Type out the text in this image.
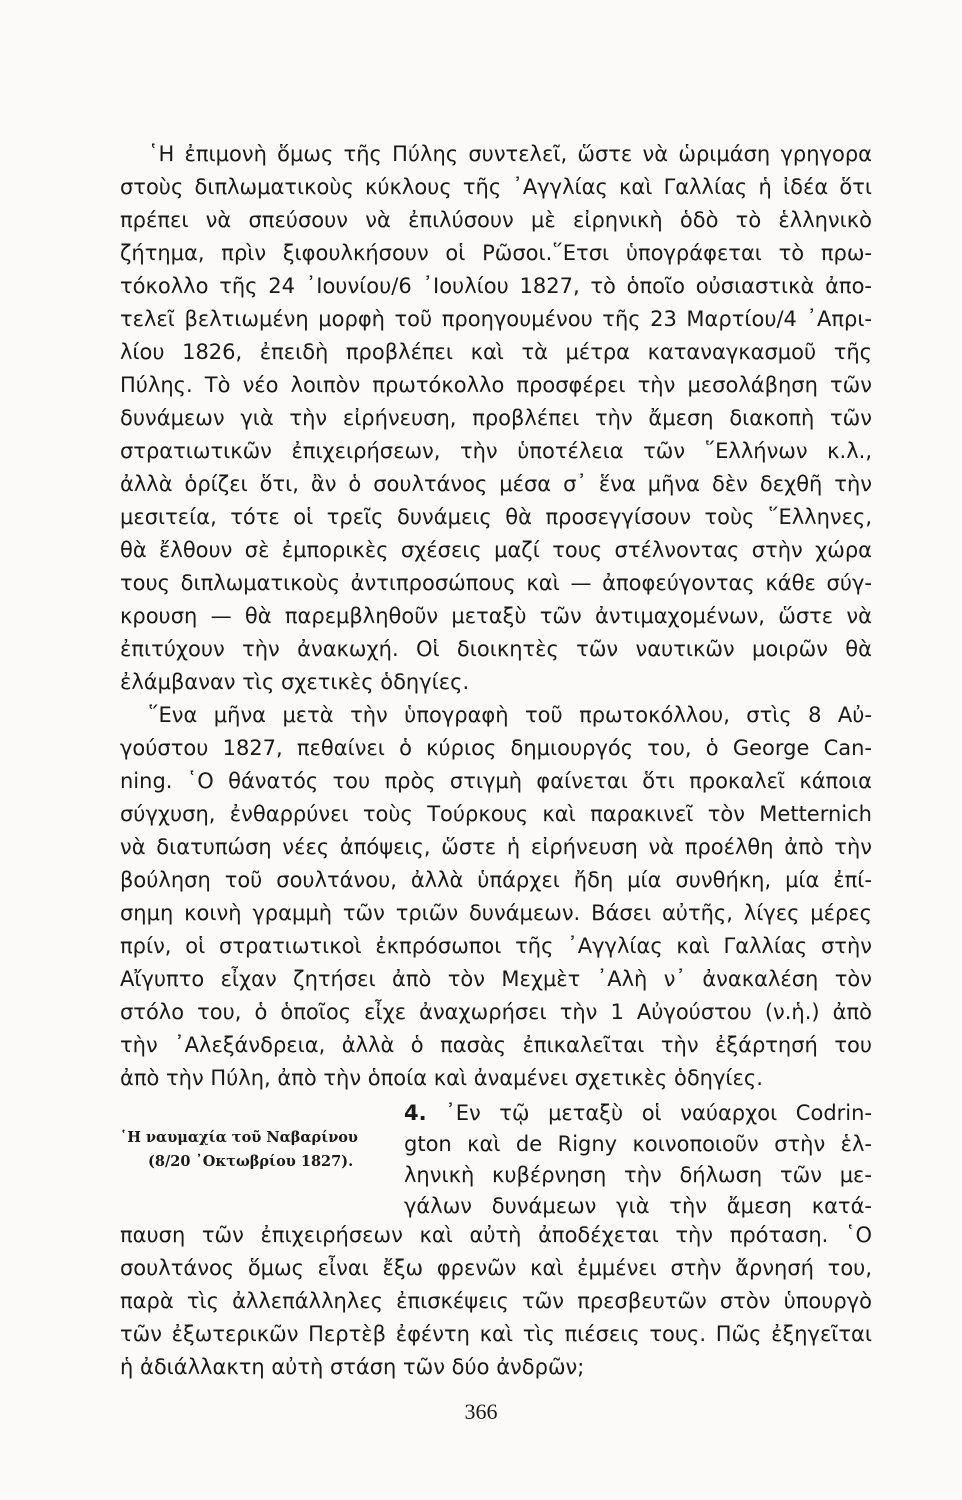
῾Η ἐπιμονὴ ὅμως τῆς Πύλης συντελεῖ, ὥστε νὰ ὡριμάση γρηγορα
στοὺς διπλωματικοὺς κύκλους τῆς ᾿Αγγλίας καὶ Γαλλίας ἡ ἰδέα ὅτι
πρέπει νὰ σπεύσουν νὰ ἐπιλύσουν μὲ εἰρηνικὴ ὁδὸ τὸ ἑλληνικὸ
ζήτημα, πρὶν ξιφουλκήσουν οἱ Ρῶσοι.῞Ετσι ὑπογράφεται τὸ πρω-
τόκολλο τῆς 24 ᾿Ιουνίου/6 ᾿Ιουλίου 1827, τὸ ὁποῖο οὐσιαστικὰ ἀπο-
τελεῖ βελτιωμένη μορφὴ τοῦ προηγουμένου τῆς 23 Μαρτίου/4 ᾿Απρι-
λίου 1826, ἐπειδὴ προβλέπει καὶ τὰ μέτρα καταναγκασμοῦ τῆς
Πύλης. Τὸ νέο λοιπὸν πρωτόκολλο προσφέρει τὴν μεσολάβηση τῶν
δυνάμεων γιὰ τὴν εἰρήνευση, προβλέπει τὴν ἄμεση διακοπὴ τῶν
στρατιωτικῶν ἐπιχειρήσεων, τὴν ὑποτέλεια τῶν ῞Ελλήνων κ.λ.,
ἀλλὰ ὁρίζει ὅτι, ἂν ὁ σουλτάνος μέσα σ᾿ ἕνα μῆνα δὲν δεχθῆ τὴν
μεσιτεία, τότε οἱ τρεῖς δυνάμεις θὰ προσεγγίσουν τοὺς ῞Ελληνες,
θὰ ἔλθουν σὲ ἐμπορικὲς σχέσεις μαζί τους στέλνοντας στὴν χώρα
τους διπλωματικοὺς ἀντιπροσώπους καὶ — ἀποφεύγοντας κάθε σύγ-
κρουση — θὰ παρεμβληθοῦν μεταξὺ τῶν ἀντιμαχομένων, ὥστε νὰ
ἐπιτύχουν τὴν ἀνακωχή. Οἱ διοικητὲς τῶν ναυτικῶν μοιρῶν θὰ
ἐλάμβαναν τὶς σχετικὲς ὁδηγίες.
῞Ενα μῆνα μετὰ τὴν ὑπογραφὴ τοῦ πρωτοκόλλου, στὶς 8 Αὐ-
γούστου 1827, πεθαίνει ὁ κύριος δημιουργός του, ὁ George Can-
ning. ῾Ο θάνατός του πρὸς στιγμὴ φαίνεται ὅτι προκαλεῖ κάποια
σύγχυση, ἐνθαρρύνει τοὺς Τούρκους καὶ παρακινεῖ τὸν Metternich
νὰ διατυπώση νέες ἀπόψεις, ὥστε ἡ εἰρήνευση νὰ προέλθη ἀπὸ τὴν
βούληση τοῦ σουλτάνου, ἀλλὰ ὑπάρχει ἤδη μία συνθήκη, μία ἐπί-
σημη κοινὴ γραμμὴ τῶν τριῶν δυνάμεων. Βάσει αὐτῆς, λίγες μέρες
πρίν, οἱ στρατιωτικοὶ ἐκπρόσωποι τῆς ᾿Αγγλίας καὶ Γαλλίας στὴν
Αἴγυπτο εἶχαν ζητήσει ἀπὸ τὸν Μεχμὲτ ᾿Αλὴ ν᾿ ἀνακαλέση τὸν
στόλο του, ὁ ὁποῖος εἶχε ἀναχωρήσει τὴν 1 Αὐγούστου (ν.ἡ.) ἀπὸ
τὴν ᾿Αλεξάνδρεια, ἀλλὰ ὁ πασὰς ἐπικαλεῖται τὴν ἐξάρτησή του
ἀπὸ τὴν Πύλη, ἀπὸ τὴν ὁποία καὶ ἀναμένει σχετικὲς ὁδηγίες.
῾Η ναυμαχία τοῦ Ναβαρίνου
(8/20 ᾿Οκτωβρίου 1827).
4. ᾿Εν τῷ μεταξὺ οἱ ναύαρχοι Codrin-
gton καὶ de Rigny κοινοποιοῦν στὴν ἑλ-
ληνικὴ κυβέρνηση τὴν δήλωση τῶν με-
γάλων δυνάμεων γιὰ τὴν ἄμεση κατά-
παυση τῶν ἐπιχειρήσεων καὶ αὐτὴ ἀποδέχεται τὴν πρόταση. ῾Ο
σουλτάνος ὅμως εἶναι ἔξω φρενῶν καὶ ἐμμένει στὴν ἄρνησή του,
παρὰ τὶς ἀλλεπάλληλες ἐπισκέψεις τῶν πρεσβευτῶν στὸν ὑπουργὸ
τῶν ἐξωτερικῶν Περτὲβ ἐφέντη καὶ τὶς πιέσεις τους. Πῶς ἐξηγεῖται
ἡ ἀδιάλλακτη αὐτὴ στάση τῶν δύο ἀνδρῶν;
366
